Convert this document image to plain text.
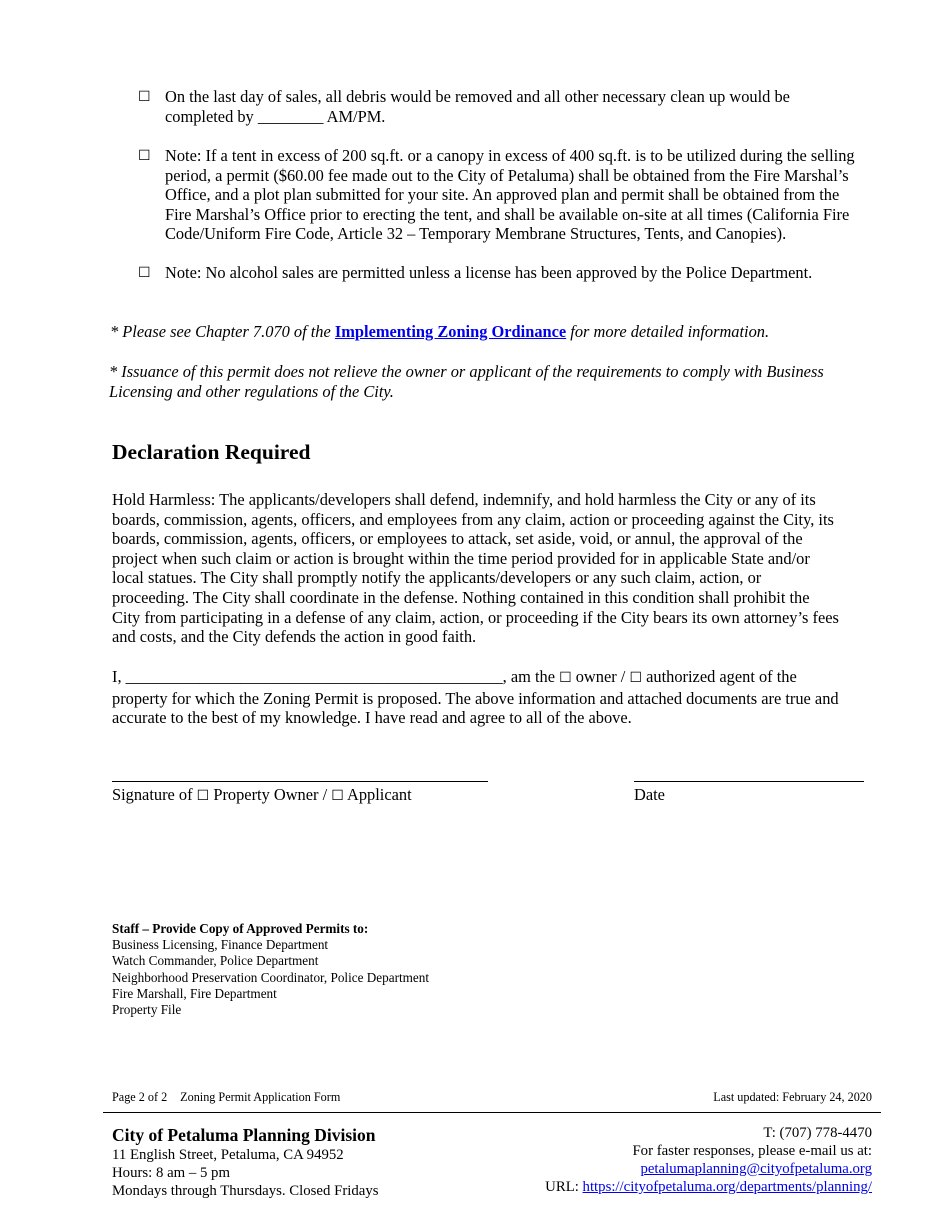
☐ On the last day of sales, all debris would be removed and all other necessary clean up would be
completed by ________ AM/PM.
☐ Note: If a tent in excess of 200 sq.ft. or a canopy in excess of 400 sq.ft. is to be utilized during the selling
period, a permit ($60.00 fee made out to the City of Petaluma) shall be obtained from the Fire Marshal’s
Office, and a plot plan submitted for your site. An approved plan and permit shall be obtained from the
Fire Marshal’s Office prior to erecting the tent, and shall be available on-site at all times (California Fire
Code/Uniform Fire Code, Article 32 – Temporary Membrane Structures, Tents, and Canopies).
☐ Note: No alcohol sales are permitted unless a license has been approved by the Police Department.
* Please see Chapter 7.070 of the Implementing Zoning Ordinance for more detailed information.
* Issuance of this permit does not relieve the owner or applicant of the requirements to comply with Business
Licensing and other regulations of the City.
Declaration Required
Hold Harmless: The applicants/developers shall defend, indemnify, and hold harmless the City or any of its
boards, commission, agents, officers, and employees from any claim, action or proceeding against the City, its
boards, commission, agents, officers, or employees to attack, set aside, void, or annul, the approval of the
project when such claim or action is brought within the time period provided for in applicable State and/or
local statues. The City shall promptly notify the applicants/developers or any such claim, action, or
proceeding. The City shall coordinate in the defense. Nothing contained in this condition shall prohibit the
City from participating in a defense of any claim, action, or proceeding if the City bears its own attorney’s fees
and costs, and the City defends the action in good faith.
I, ______________________________________________, am the ☐ owner / ☐ authorized agent of the
property for which the Zoning Permit is proposed. The above information and attached documents are true and
accurate to the best of my knowledge. I have read and agree to all of the above.
Signature of ☐ Property Owner / ☐ Applicant	Date
Staff – Provide Copy of Approved Permits to:
Business Licensing, Finance Department
Watch Commander, Police Department
Neighborhood Preservation Coordinator, Police Department
Fire Marshall, Fire Department
Property File
Page 2 of 2 Zoning Permit Application Form	Last updated: February 24, 2020
City of Petaluma Planning Division
11 English Street, Petaluma, CA 94952
Hours: 8 am – 5 pm
Mondays through Thursdays. Closed Fridays
T: (707) 778-4470
For faster responses, please e-mail us at:
petalumaplanning@cityofpetaluma.org
URL: https://cityofpetaluma.org/departments/planning/
